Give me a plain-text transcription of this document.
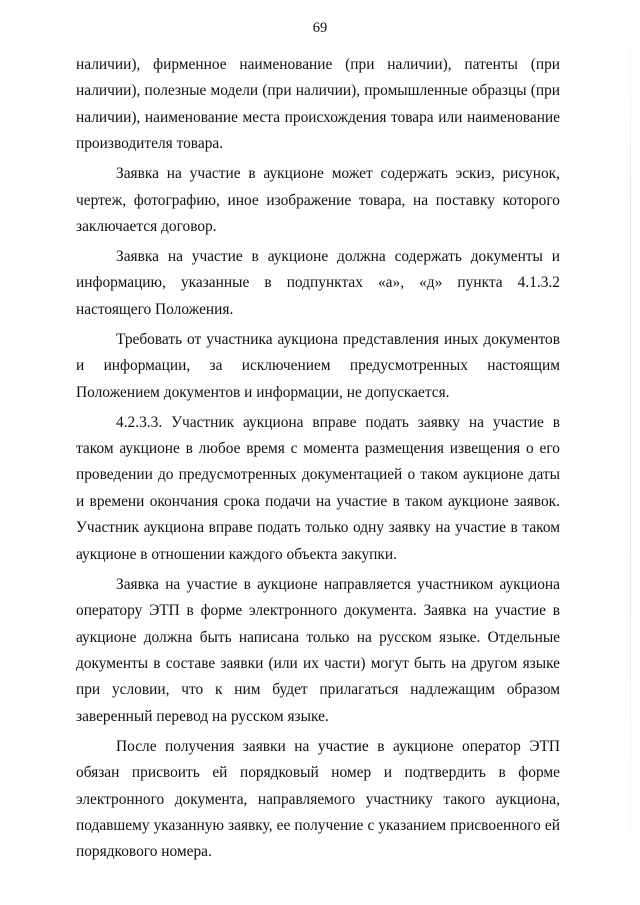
69

наличии), фирменное наименование (при наличии), патенты (при наличии), полезные модели (при наличии), промышленные образцы (при наличии), наименование места происхождения товара или наименование производителя товара.

Заявка на участие в аукционе может содержать эскиз, рисунок, чертеж, фотографию, иное изображение товара, на поставку которого заключается договор.

Заявка на участие в аукционе должна содержать документы и информацию, указанные в подпунктах «а», «д» пункта 4.1.3.2 настоящего Положения.

Требовать от участника аукциона представления иных документов и информации, за исключением предусмотренных настоящим Положением документов и информации, не допускается.

4.2.3.3. Участник аукциона вправе подать заявку на участие в таком аукционе в любое время с момента размещения извещения о его проведении до предусмотренных документацией о таком аукционе даты и времени окончания срока подачи на участие в таком аукционе заявок. Участник аукциона вправе подать только одну заявку на участие в таком аукционе в отношении каждого объекта закупки.

Заявка на участие в аукционе направляется участником аукциона оператору ЭТП в форме электронного документа. Заявка на участие в аукционе должна быть написана только на русском языке. Отдельные документы в составе заявки (или их части) могут быть на другом языке при условии, что к ним будет прилагаться надлежащим образом заверенный перевод на русском языке.

После получения заявки на участие в аукционе оператор ЭТП обязан присвоить ей порядковый номер и подтвердить в форме электронного документа, направляемого участнику такого аукциона, подавшему указанную заявку, ее получение с указанием присвоенного ей порядкового номера.
